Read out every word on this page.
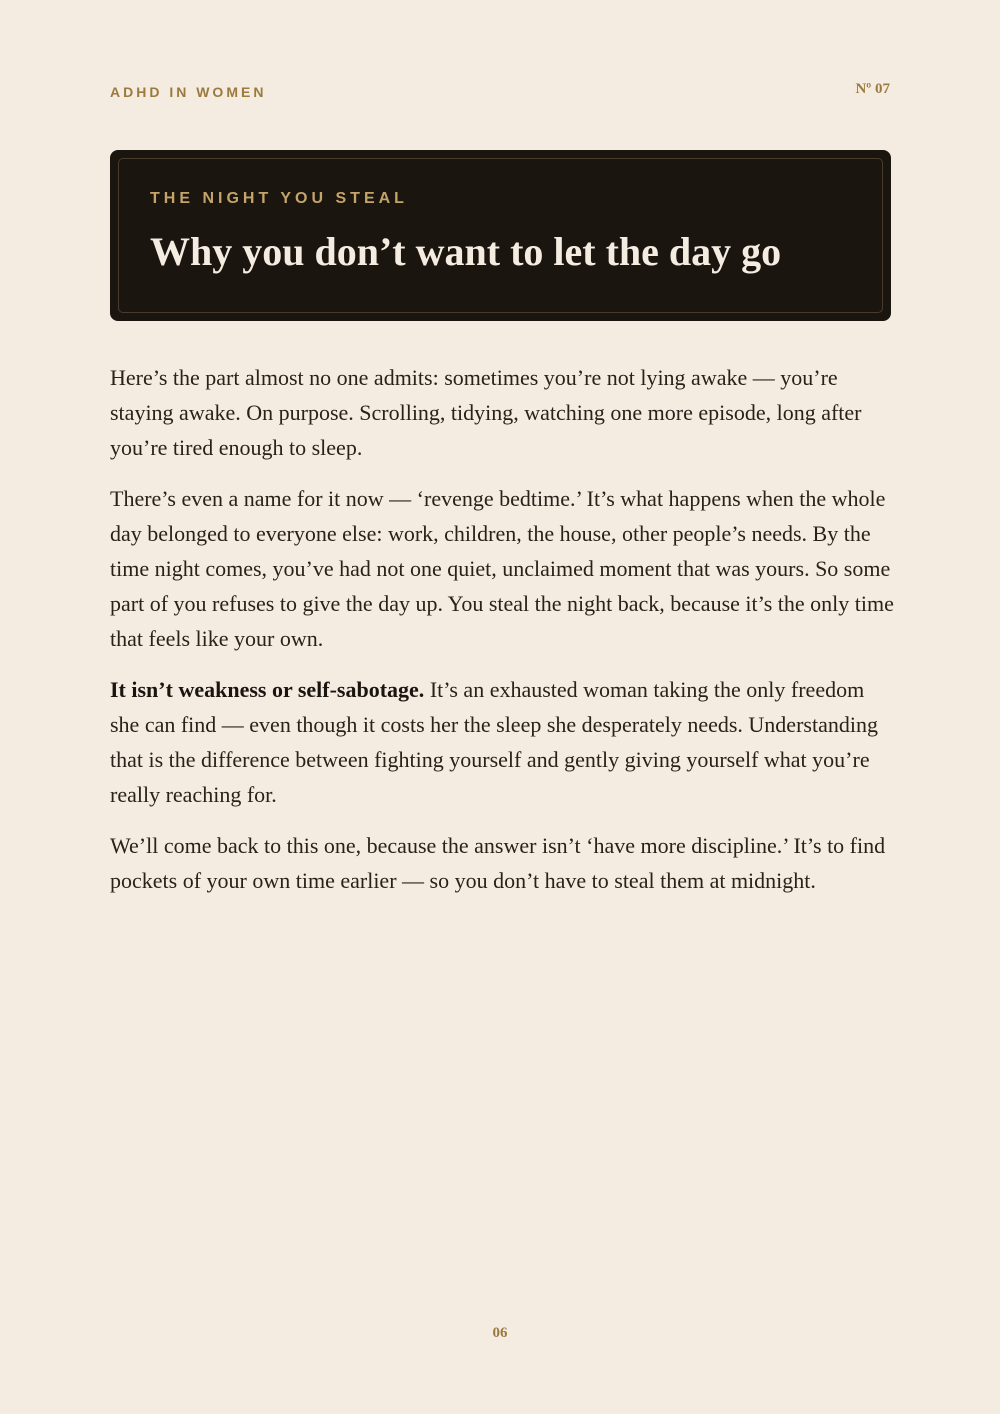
ADHD IN WOMEN	Nº 07
THE NIGHT YOU STEAL
Why you don’t want to let the day go

Here’s the part almost no one admits: sometimes you’re not lying awake — you’re staying awake. On purpose. Scrolling, tidying, watching one more episode, long after you’re tired enough to sleep.

There’s even a name for it now — ‘revenge bedtime.’ It’s what happens when the whole day belonged to everyone else: work, children, the house, other people’s needs. By the time night comes, you’ve had not one quiet, unclaimed moment that was yours. So some part of you refuses to give the day up. You steal the night back, because it’s the only time that feels like your own.

It isn’t weakness or self-sabotage. It’s an exhausted woman taking the only freedom she can find — even though it costs her the sleep she desperately needs. Understanding that is the difference between fighting yourself and gently giving yourself what you’re really reaching for.

We’ll come back to this one, because the answer isn’t ‘have more discipline.’ It’s to find pockets of your own time earlier — so you don’t have to steal them at midnight.

06
